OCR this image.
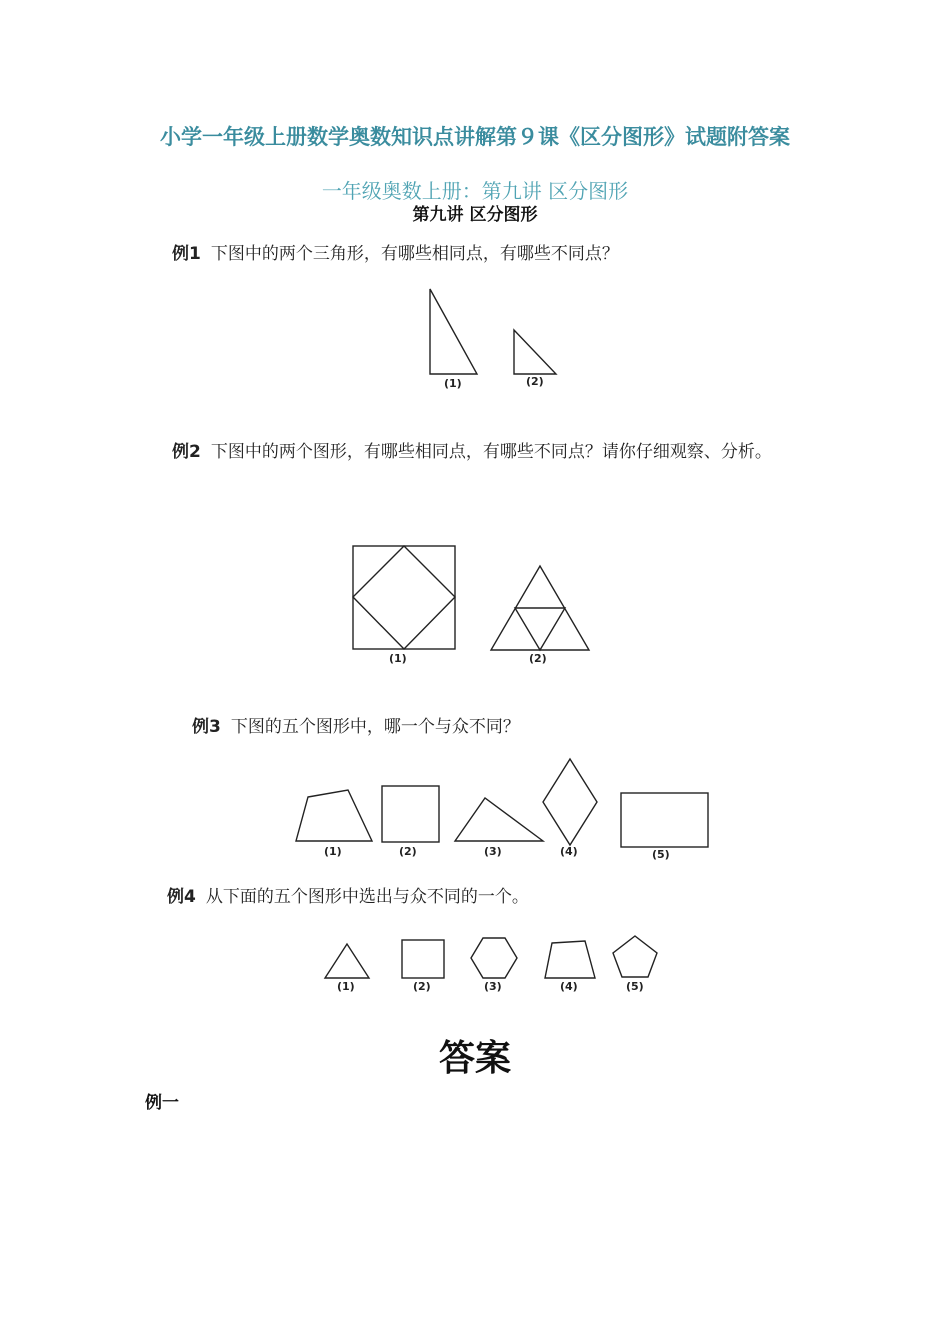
小学一年级上册数学奥数知识点讲解第９课《区分图形》试题附答案
一年级奥数上册：第九讲 区分图形
第九讲 区分图形
例1 下图中的两个三角形，有哪些相同点，有哪些不同点？
(1)	(2)
例2 下图中的两个图形，有哪些相同点，有哪些不同点？请你仔细观察、分析。
(1)	(2)
例3 下图的五个图形中，哪一个与众不同？
(1)	(2)	(3)	(4)	(5)
例4 从下面的五个图形中选出与众不同的一个。
(1)	(2)	(3)	(4)	(5)
答案
例一
